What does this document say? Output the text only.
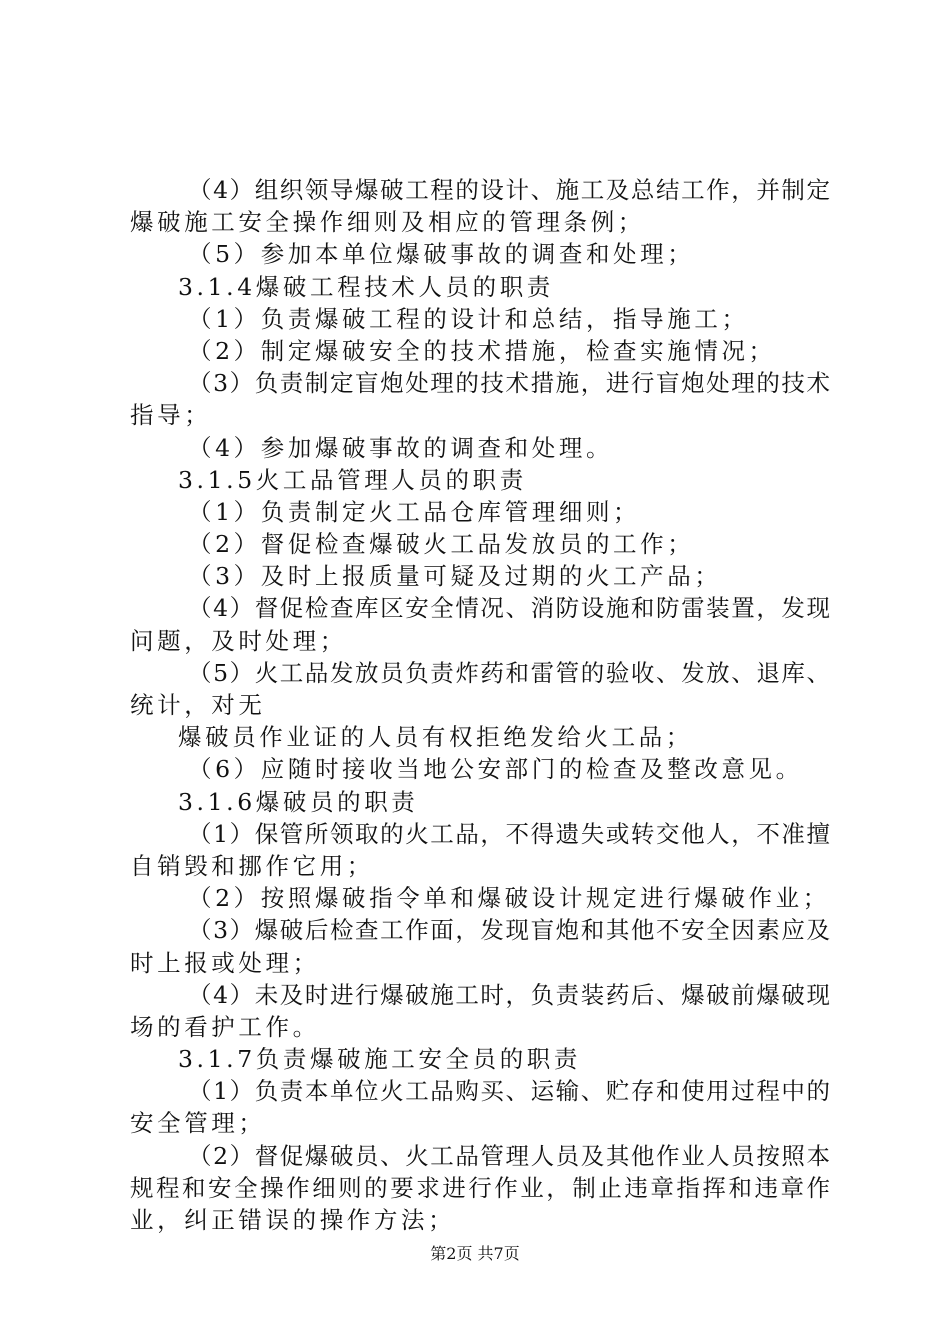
（4）组织领导爆破工程的设计、施工及总结工作，并制定
爆破施工安全操作细则及相应的管理条例；
（5）参加本单位爆破事故的调查和处理；
3.1.4爆破工程技术人员的职责
（1）负责爆破工程的设计和总结，指导施工；
（2）制定爆破安全的技术措施，检查实施情况；
（3）负责制定盲炮处理的技术措施，进行盲炮处理的技术
指导；
（4）参加爆破事故的调查和处理。
3.1.5火工品管理人员的职责
（1）负责制定火工品仓库管理细则；
（2）督促检查爆破火工品发放员的工作；
（3）及时上报质量可疑及过期的火工产品；
（4）督促检查库区安全情况、消防设施和防雷装置，发现
问题，及时处理；
（5）火工品发放员负责炸药和雷管的验收、发放、退库、
统计，对无
爆破员作业证的人员有权拒绝发给火工品；
（6）应随时接收当地公安部门的检查及整改意见。
3.1.6爆破员的职责
（1）保管所领取的火工品，不得遗失或转交他人，不准擅
自销毁和挪作它用；
（2）按照爆破指令单和爆破设计规定进行爆破作业；
（3）爆破后检查工作面，发现盲炮和其他不安全因素应及
时上报或处理；
（4）未及时进行爆破施工时，负责装药后、爆破前爆破现
场的看护工作。
3.1.7负责爆破施工安全员的职责
（1）负责本单位火工品购买、运输、贮存和使用过程中的
安全管理；
（2）督促爆破员、火工品管理人员及其他作业人员按照本
规程和安全操作细则的要求进行作业，制止违章指挥和违章作
业，纠正错误的操作方法；
第2页 共7页
